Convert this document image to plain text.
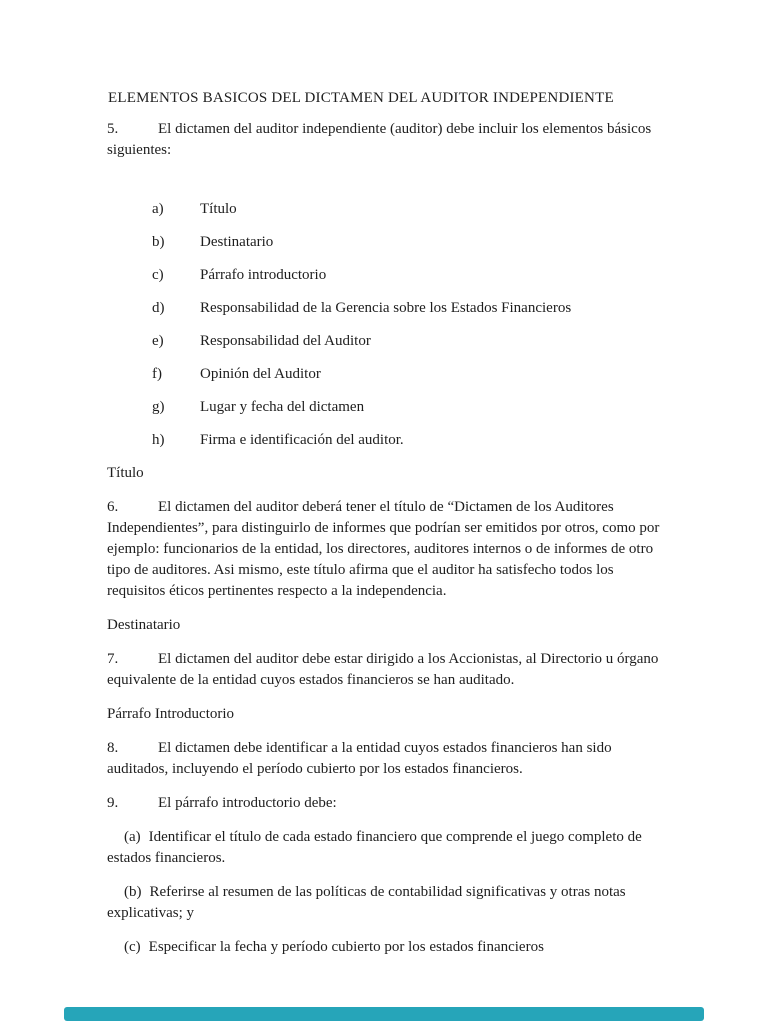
ELEMENTOS BASICOS DEL DICTAMEN DEL AUDITOR INDEPENDIENTE

5.	El dictamen del auditor independiente (auditor) debe incluir los elementos básicos siguientes:

a) Título

b) Destinatario

c) Párrafo introductorio

d) Responsabilidad de la Gerencia sobre los Estados Financieros

e) Responsabilidad del Auditor

f)	Opinión del Auditor

g) Lugar y fecha del dictamen

h) Firma e identificación del auditor.

Título

6.	El dictamen del auditor deberá tener el título de “Dictamen de los Auditores Independientes”, para distinguirlo de informes que podrían ser emitidos por otros, como por ejemplo: funcionarios de la entidad, los directores, auditores internos o de informes de otro tipo de auditores. Asi mismo, este título afirma que el auditor ha satisfecho todos los requisitos éticos pertinentes respecto a la independencia.

Destinatario

7.	El dictamen del auditor debe estar dirigido a los Accionistas, al Directorio u órgano equivalente de la entidad cuyos estados financieros se han auditado.

Párrafo Introductorio

8.	El dictamen debe identificar a la entidad cuyos estados financieros han sido auditados, incluyendo el período cubierto por los estados financieros.

9.	El párrafo introductorio debe:

(a) Identificar el título de cada estado financiero que comprende el juego completo de estados financieros.

(b) Referirse al resumen de las políticas de contabilidad significativas y otras notas explicativas; y

(c) Especificar la fecha y período cubierto por los estados financieros
